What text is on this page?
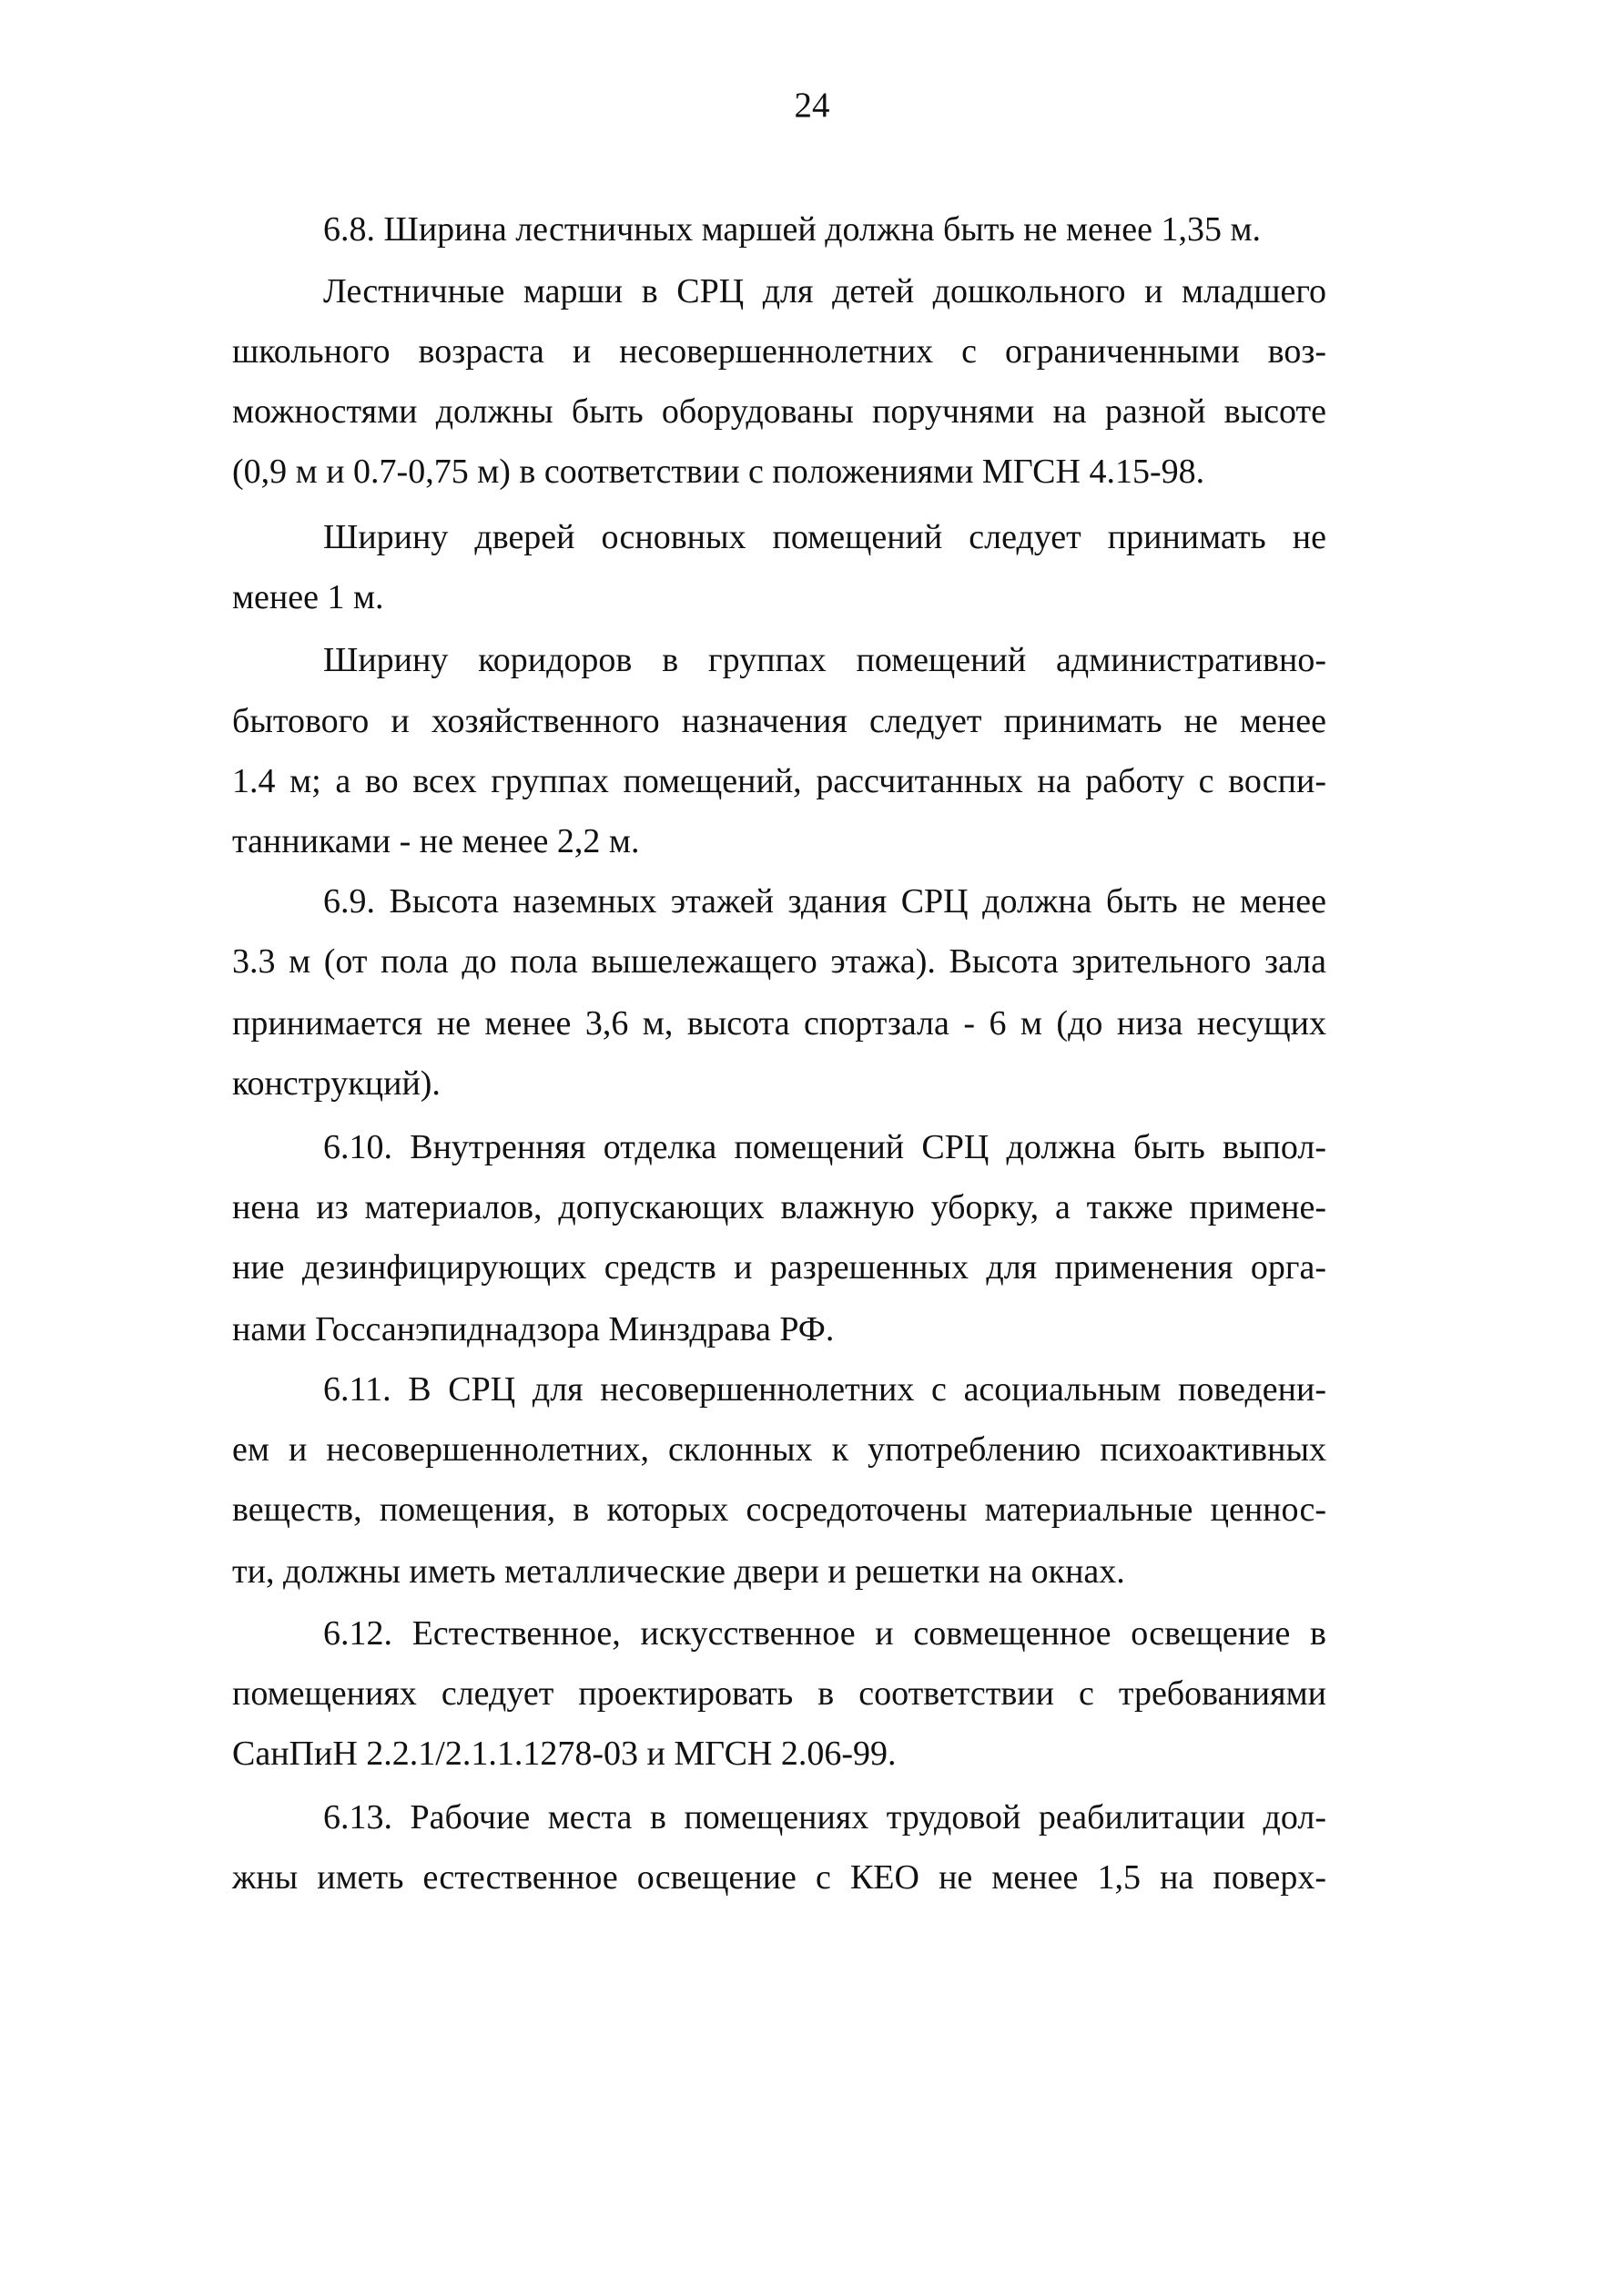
24
6.8. Ширина лестничных маршей должна быть не менее 1,35 м.
Лестничные марши в СРЦ для детей дошкольного и младшего
школьного возраста и несовершеннолетних с ограниченными воз-
можностями должны быть оборудованы поручнями на разной высоте
(0,9 м и 0.7-0,75 м) в соответствии с положениями МГСН 4.15-98.
Ширину дверей основных помещений следует принимать не
менее 1 м.
Ширину коридоров в группах помещений административно-
бытового и хозяйственного назначения следует принимать не менее
1.4 м; а во всех группах помещений, рассчитанных на работу с воспи-
танниками - не менее 2,2 м.
6.9. Высота наземных этажей здания СРЦ должна быть не менее
3.3 м (от пола до пола вышележащего этажа). Высота зрительного зала
принимается не менее 3,6 м, высота спортзала - 6 м (до низа несущих
конструкций).
6.10. Внутренняя отделка помещений СРЦ должна быть выпол-
нена из материалов, допускающих влажную уборку, а также примене-
ние дезинфицирующих средств и разрешенных для применения орга-
нами Госсанэпиднадзора Минздрава РФ.
6.11. В СРЦ для несовершеннолетних с асоциальным поведени-
ем и несовершеннолетних, склонных к употреблению психоактивных
веществ, помещения, в которых сосредоточены материальные ценнос-
ти, должны иметь металлические двери и решетки на окнах.
6.12. Естественное, искусственное и совмещенное освещение в
помещениях следует проектировать в соответствии с требованиями
СанПиН 2.2.1/2.1.1.1278-03 и МГСН 2.06-99.
6.13. Рабочие места в помещениях трудовой реабилитации дол-
жны иметь естественное освещение с КЕО не менее 1,5 на поверх-
